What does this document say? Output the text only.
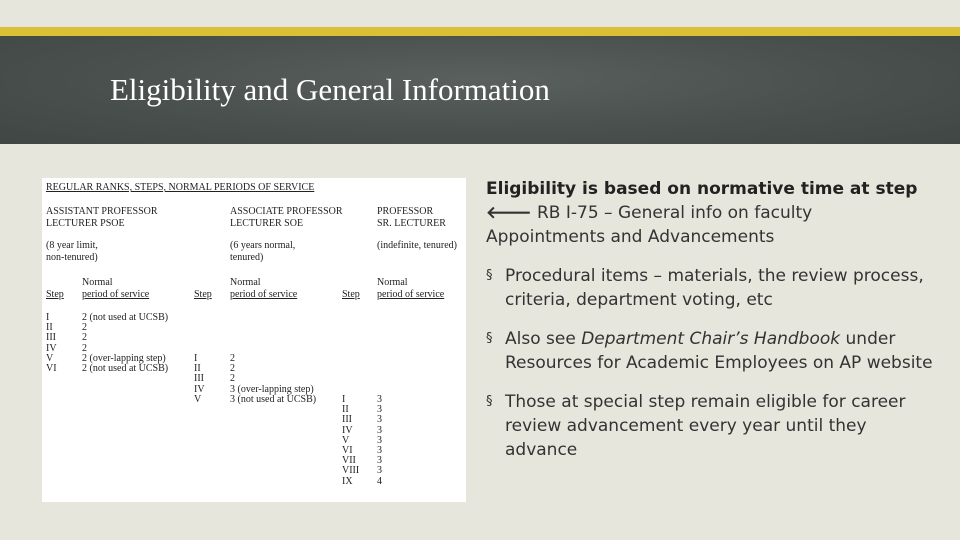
Eligibility and General Information
REGULAR RANKS, STEPS, NORMAL PERIODS OF SERVICE
ASSISTANT PROFESSOR
LECTURER PSOE
(8 year limit,
non-tenured)
ASSOCIATE PROFESSOR
LECTURER SOE
(6 years normal,
tenured)
PROFESSOR
SR. LECTURER
(indefinite, tenured)
Normal
period of service
Step
Normal
period of service
Step
Normal
period of service
Step
I
II
III
IV
V
VI
2 (not used at UCSB)
2
2
2
2 (over-lapping step)
2 (not used at UCSB)
I
II
III
IV
V
2
2
2
3 (over-lapping step)
3 (not used at UCSB)	I
II
III
IV
V
VI
VII
VIII
IX
3
3
3
3
3
3
3
3
4
Eligibility is based on normative time at step
🡐 RB I-75 – General info on faculty Appointments and Advancements
§ Procedural items – materials, the review process, criteria, department voting, etc
§ Also see Department Chair’s Handbook under Resources for Academic Employees on AP website
§ Those at special step remain eligible for career review advancement every year until they advance
